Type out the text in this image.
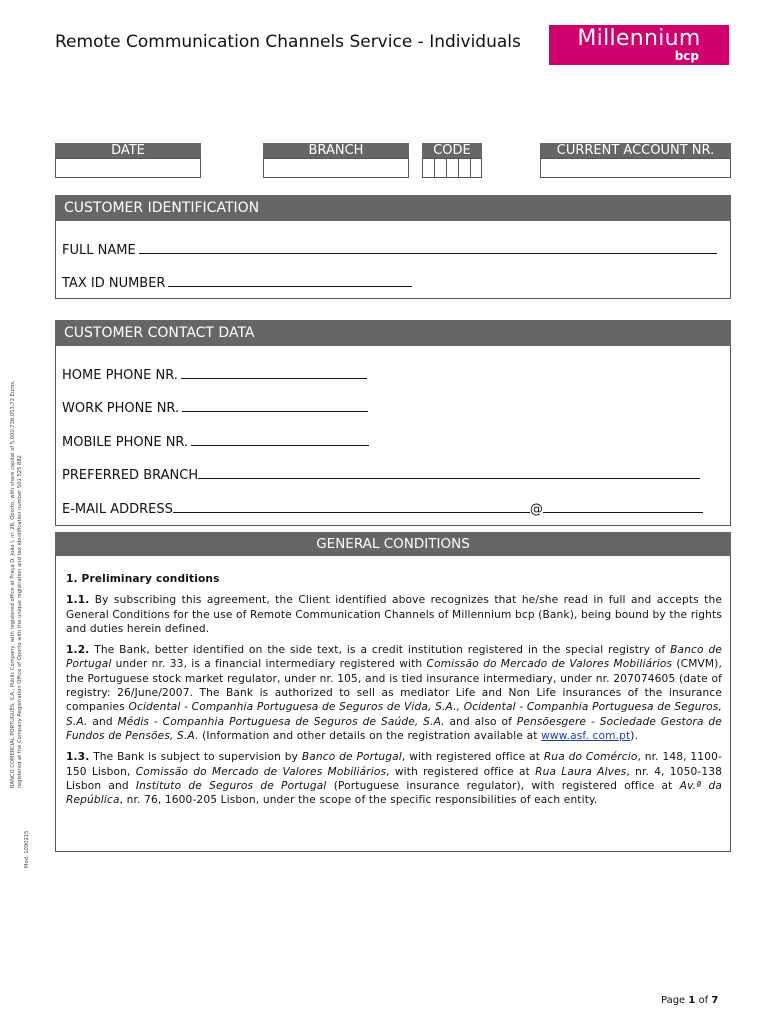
Remote Communication Channels Service - Individuals	Millennium
bcp
DATE	BRANCH	CODE	CURRENT ACCOUNT NR.
CUSTOMER IDENTIFICATION
FULL NAME
TAX ID NUMBER
CUSTOMER CONTACT DATA
HOME PHONE NR.
WORK PHONE NR.
MOBILE PHONE NR.
PREFERRED BRANCH
E-MAIL ADDRESS	@
GENERAL CONDITIONS

1. Preliminary conditions

1.1. By subscribing this agreement, the Client identified above recognizes that he/she read in full and accepts the General Conditions for the use of Remote Communication Channels of Millennium bcp (Bank), being bound by the rights and duties herein defined.

1.2. The Bank, better identified on the side text, is a credit institution registered in the special registry of Banco de Portugal under nr. 33, is a financial intermediary registered with Comissão do Mercado de Valores Mobiliários (CMVM), the Portuguese stock market regulator, under nr. 105, and is tied insurance intermediary, under nr. 207074605 (date of registry: 26/June/2007. The Bank is authorized to sell as mediator Life and Non Life insurances of the insurance companies Ocidental - Companhia Portuguesa de Seguros de Vida, S.A., Ocidental - Companhia Portuguesa de Seguros, S.A. and Médis - Companhia Portuguesa de Seguros de Saúde, S.A. and also of Pensõesgere - Sociedade Gestora de Fundos de Pensões, S.A. (Information and other details on the registration available at www.asf. com.pt).

1.3. The Bank is subject to supervision by Banco de Portugal, with registered office at Rua do Comércio, nr. 148, 1100-150 Lisbon, Comissão do Mercado de Valores Mobiliários, with registered office at Rua Laura Alves, nr. 4, 1050-138 Lisbon and Instituto de Seguros de Portugal (Portuguese insurance regulator), with registered office at Av.ª da República, nr. 76, 1600-205 Lisbon, under the scope of the specific responsibilities of each entity.

BANCO COMERCIAL PORTUGUÊS, S.A., Public Company, with registered office at Praça D. João I, nr. 28, Oporto, with share capital of 5.600.738.053,72 Euros, registered at the Company Registration Office of Oporto with the unique registration and tax identification number 501 525 882
Mod. 1090215
Page 1 of 7
